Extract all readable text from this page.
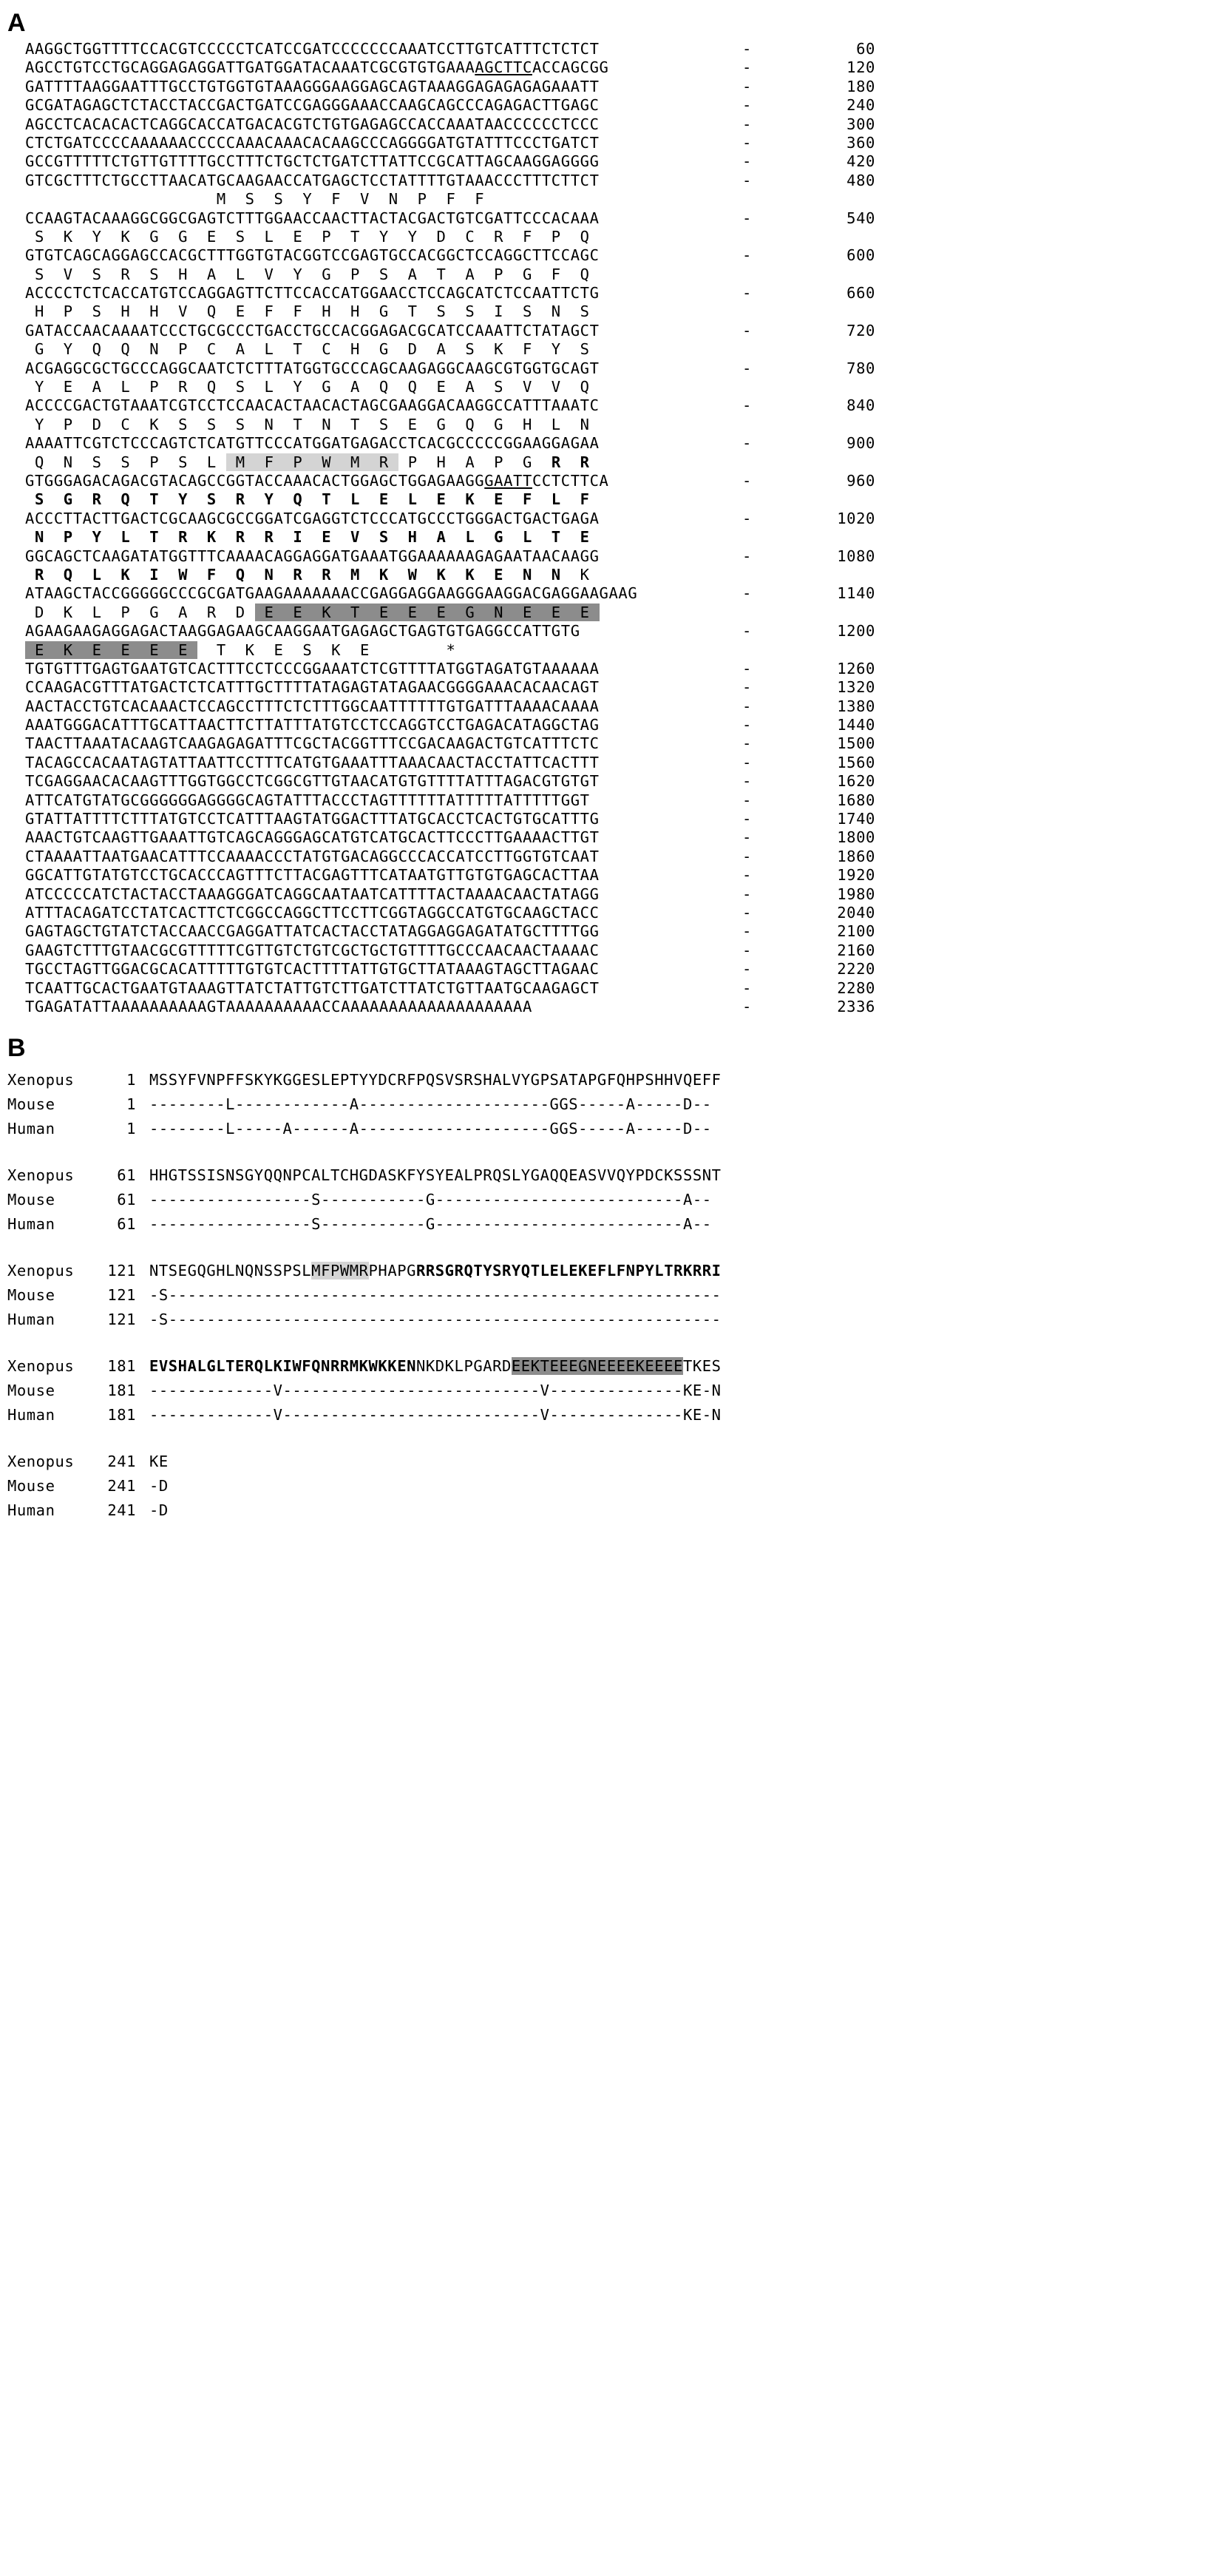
A
AAGGCTGGTTTTCCACGTCCCCCTCATCCGATCCCCCCCAAATCCTTGTCATTTCTCTCT	-	60
AGCCTGTCCTGCAGGAGAGGATTGATGGATACAAATCGCGTGTGAAAAGCTTCACCAGCGG	-	120
GATTTTAAGGAATTTGCCTGTGGTGTAAAGGGAAGGAGCAGTAAAGGAGAGAGAGAAATT	-	180
GCGATAGAGCTCTACCTACCGACTGATCCGAGGGAAACCAAGCAGCCCAGAGACTTGAGC	-	240
AGCCTCACACACTCAGGCACCATGACACGTCTGTGAGAGCCACCAAATAACCCCCCTCCC	-	300
CTCTGATCCCCAAAAAACCCCCAAACAAACACAAGCCCAGGGGATGTATTTCCCTGATCT	-	360
GCCGTTTTTCTGTTGTTTTGCCTTTCTGCTCTGATCTTATTCCGCATTAGCAAGGAGGGG	-	420
GTCGCTTTCTGCCTTAACATGCAAGAACCATGAGCTCCTATTTTGTAAACCCTTTCTTCT	-	480
M  S  S  Y  F  V  N  P  F  F
CCAAGTACAAAGGCGGCGAGTCTTTGGAACCAACTTACTACGACTGTCGATTCCCACAAA	-	540
S  K  Y  K  G  G  E  S  L  E  P  T  Y  Y  D  C  R  F  P  Q
GTGTCAGCAGGAGCCACGCTTTGGTGTACGGTCCGAGTGCCACGGCTCCAGGCTTCCAGC	-	600
S  V  S  R  S  H  A  L  V  Y  G  P  S  A  T  A  P  G  F  Q
ACCCCTCTCACCATGTCCAGGAGTTCTTCCACCATGGAACCTCCAGCATCTCCAATTCTG	-	660
H  P  S  H  H  V  Q  E  F  F  H  H  G  T  S  S  I  S  N  S
GATACCAACAAAATCCCTGCGCCCTGACCTGCCACGGAGACGCATCCAAATTCTATAGCT	-	720
G  Y  Q  Q  N  P  C  A  L  T  C  H  G  D  A  S  K  F  Y  S
ACGAGGCGCTGCCCAGGCAATCTCTTTATGGTGCCCAGCAAGAGGCAAGCGTGGTGCAGT	-	780
Y  E  A  L  P  R  Q  S  L  Y  G  A  Q  Q  E  A  S  V  V  Q
ACCCCGACTGTAAATCGTCCTCCAACACTAACACTAGCGAAGGACAAGGCCATTTAAATC	-	840
Y  P  D  C  K  S  S  S  N  T  N  T  S  E  G  Q  G  H  L  N
AAAATTCGTCTCCCAGTCTCATGTTCCCATGGATGAGACCTCACGCCCCCGGAAGGAGAA	-	900
Q  N  S  S  P  S  L  M  F  P  W  M  R  P  H  A  P  G  R  R
GTGGGAGACAGACGTACAGCCGGTACCAAACACTGGAGCTGGAGAAGGGAATTCCTCTTCA	-	960
S  G  R  Q  T  Y  S  R  Y  Q  T  L  E  L  E  K  E  F  L  F
ACCCTTACTTGACTCGCAAGCGCCGGATCGAGGTCTCCCATGCCCTGGGACTGACTGAGA	-	1020
N  P  Y  L  T  R  K  R  R  I  E  V  S  H  A  L  G  L  T  E
GGCAGCTCAAGATATGGTTTCAAAACAGGAGGATGAAATGGAAAAAAGAGAATAACAAGG	-	1080
R  Q  L  K  I  W  F  Q  N  R  R  M  K  W  K  K  E  N  N  K
ATAAGCTACCGGGGGCCCGCGATGAAGAAAAAAACCGAGGAGGAAGGGAAGGACGAGGAAGAAG	-	1140
D  K  L  P  G  A  R  D  E  E  K  T  E  E  E  G  N  E  E  E
AGAAGAAGAGGAGACTAAGGAGAAGCAAGGAATGAGAGCTGAGTGTGAGGCCATTGTG	-	1200
E  K  E  E  E  E   T  K  E  S  K  E        *
TGTGTTTGAGTGAATGTCACTTTCCTCCCGGAAATCTCGTTTTATGGTAGATGTAAAAAA	-	1260
CCAAGACGTTTATGACTCTCATTTGCTTTTATAGAGTATAGAACGGGGAAACACAACAGT	-	1320
AACTACCTGTCACAAACTCCAGCCTTTCTCTTTGGCAATTTTTTGTGATTTAAAACAAAA	-	1380
AAATGGGACATTTGCATTAACTTCTTATTTATGTCCTCCAGGTCCTGAGACATAGGCTAG	-	1440
TAACTTAAATACAAGTCAAGAGAGATTTCGCTACGGTTTCCGACAAGACTGTCATTTCTC	-	1500
TACAGCCACAATAGTATTAATTCCTTTCATGTGAAATTTAAACAACTACCTATTCACTTT	-	1560
TCGAGGAACACAAGTTTGGTGGCCTCGGCGTTGTAACATGTGTTTTATTTAGACGTGTGT	-	1620
ATTCATGTATGCGGGGGGAGGGGCAGTATTTACCCTAGTTTTTTATTTTTATTTTTGGT	-	1680
GTATTATTTTCTTTATGTCCTCATTTAAGTATGGACTTTATGCACCTCACTGTGCATTTG	-	1740
AAACTGTCAAGTTGAAATTGTCAGCAGGGAGCATGTCATGCACTTCCCTTGAAAACTTGT	-	1800
CTAAAATTAATGAACATTTCCAAAACCCTATGTGACAGGCCCACCATCCTTGGTGTCAAT	-	1860
GGCATTGTATGTCCTGCACCCAGTTTCTTACGAGTTTCATAATGTTGTGTGAGCACTTAA	-	1920
ATCCCCCATCTACTACCTAAAGGGATCAGGCAATAATCATTTTACTAAAACAACTATAGG	-	1980
ATTTACAGATCCTATCACTTCTCGGCCAGGCTTCCTTCGGTAGGCCATGTGCAAGCTACC	-	2040
GAGTAGCTGTATCTACCAACCGAGGATTATCACTACCTATAGGAGGAGATATGCTTTTGG	-	2100
GAAGTCTTTGTAACGCGTTTTTCGTTGTCTGTCGCTGCTGTTTTGCCCAACAACTAAAAC	-	2160
TGCCTAGTTGGACGCACATTTTTGTGTCACTTTTATTGTGCTTATAAAGTAGCTTAGAAC	-	2220
TCAATTGCACTGAATGTAAAGTTATCTATTGTCTTGATCTTATCTGTTAATGCAAGAGCT	-	2280
TGAGATATTAAAAAAAAAAGTAAAAAAAAAACCAAAAAAAAAAAAAAAAAAAA	-	2336
B
Xenopus	1 MSSYFVNPFFSKYKGGESLEPTYYDCRFPQSVSRSHALVYGPSATAPGFQHPSHHVQEFF
Mouse	1 --------L------------A--------------------GGS-----A-----D--
Human	1 --------L-----A------A--------------------GGS-----A-----D--
Xenopus	61 HHGTSSISNSGYQQNPCALTCHGDASKFYSYEALPRQSLYGAQQEASVVQYPDCKSSSNT
Mouse	61 -----------------S-----------G--------------------------A--
Human	61 -----------------S-----------G--------------------------A--
Xenopus 121 NTSEGQGHLNQNSSPSLMFPWMRPHAPGRRSGRQTYSRYQTLELEKEFLFNPYLTRKRRI
Mouse	121 -S----------------------------------------------------------
Human	121 -S----------------------------------------------------------
Xenopus 181 EVSHALGLTERQLKIWFQNRRMKWKKENNKDKLPGARDEEKTEEEGNEEEEKEEEETKES
Mouse	181 -------------V---------------------------V--------------KE-N
Human	181 -------------V---------------------------V--------------KE-N
Xenopus 241 KE
Mouse	241 -D
Human	241 -D
